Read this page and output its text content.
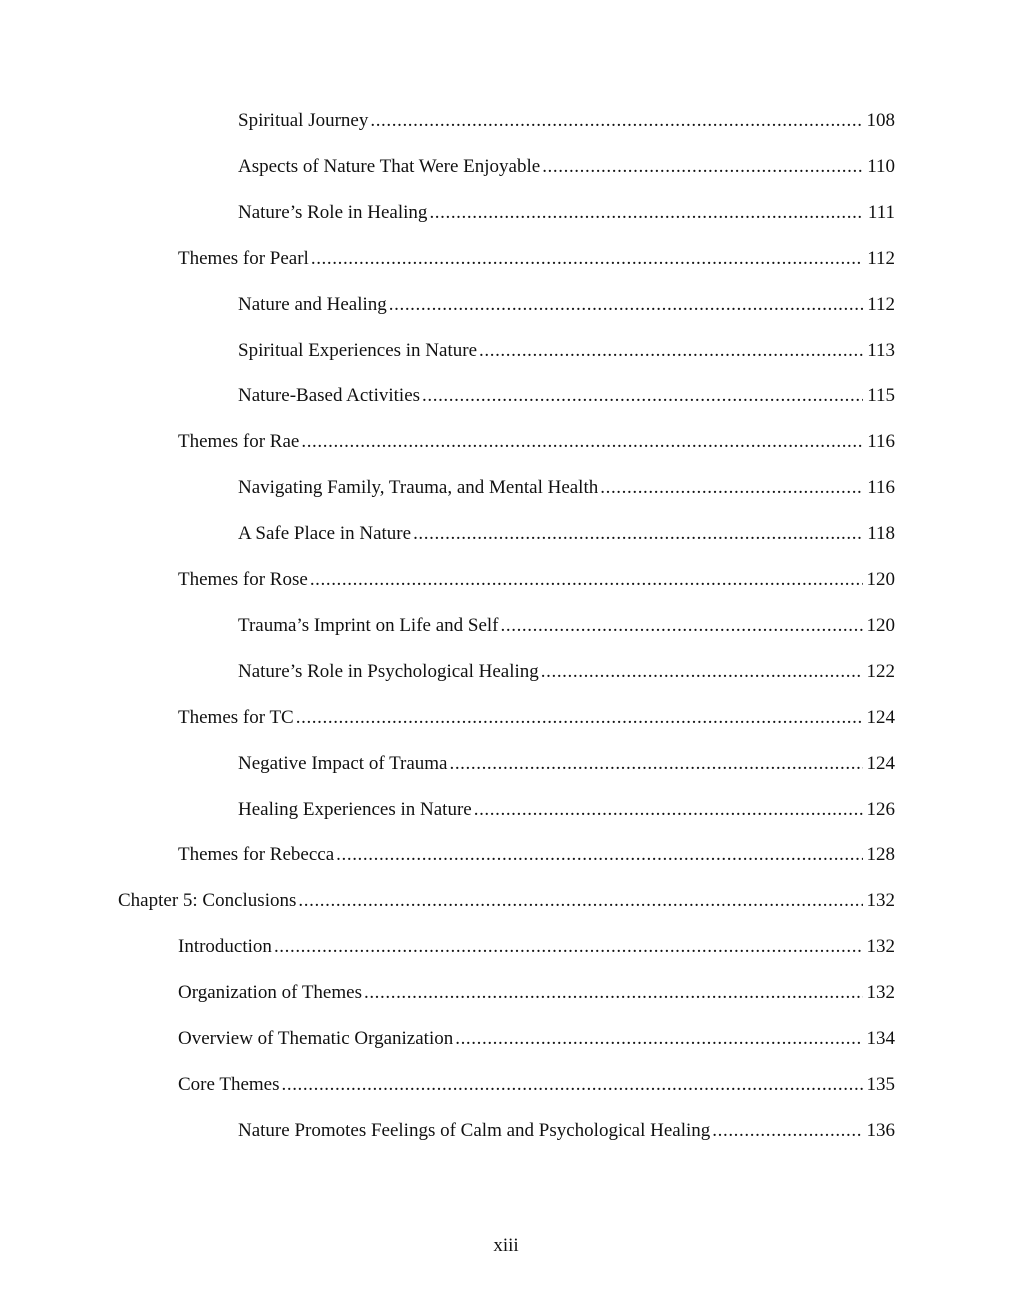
Spiritual Journey .....	108
Aspects of Nature That Were Enjoyable .....	110
Nature’s Role in Healing .....	111
Themes for Pearl .....	112
Nature and Healing .....	112
Spiritual Experiences in Nature .....	113
Nature-Based Activities .....	115
Themes for Rae .....	116
Navigating Family, Trauma, and Mental Health .....	116
A Safe Place in Nature .....	118
Themes for Rose .....	120
Trauma’s Imprint on Life and Self .....	120
Nature’s Role in Psychological Healing .....	122
Themes for TC .....	124
Negative Impact of Trauma .....	124
Healing Experiences in Nature .....	126
Themes for Rebecca .....	128
Chapter 5: Conclusions .....	132
Introduction .....	132
Organization of Themes .....	132
Overview of Thematic Organization .....	134
Core Themes .....	135
Nature Promotes Feelings of Calm and Psychological Healing .....	136
xiii
